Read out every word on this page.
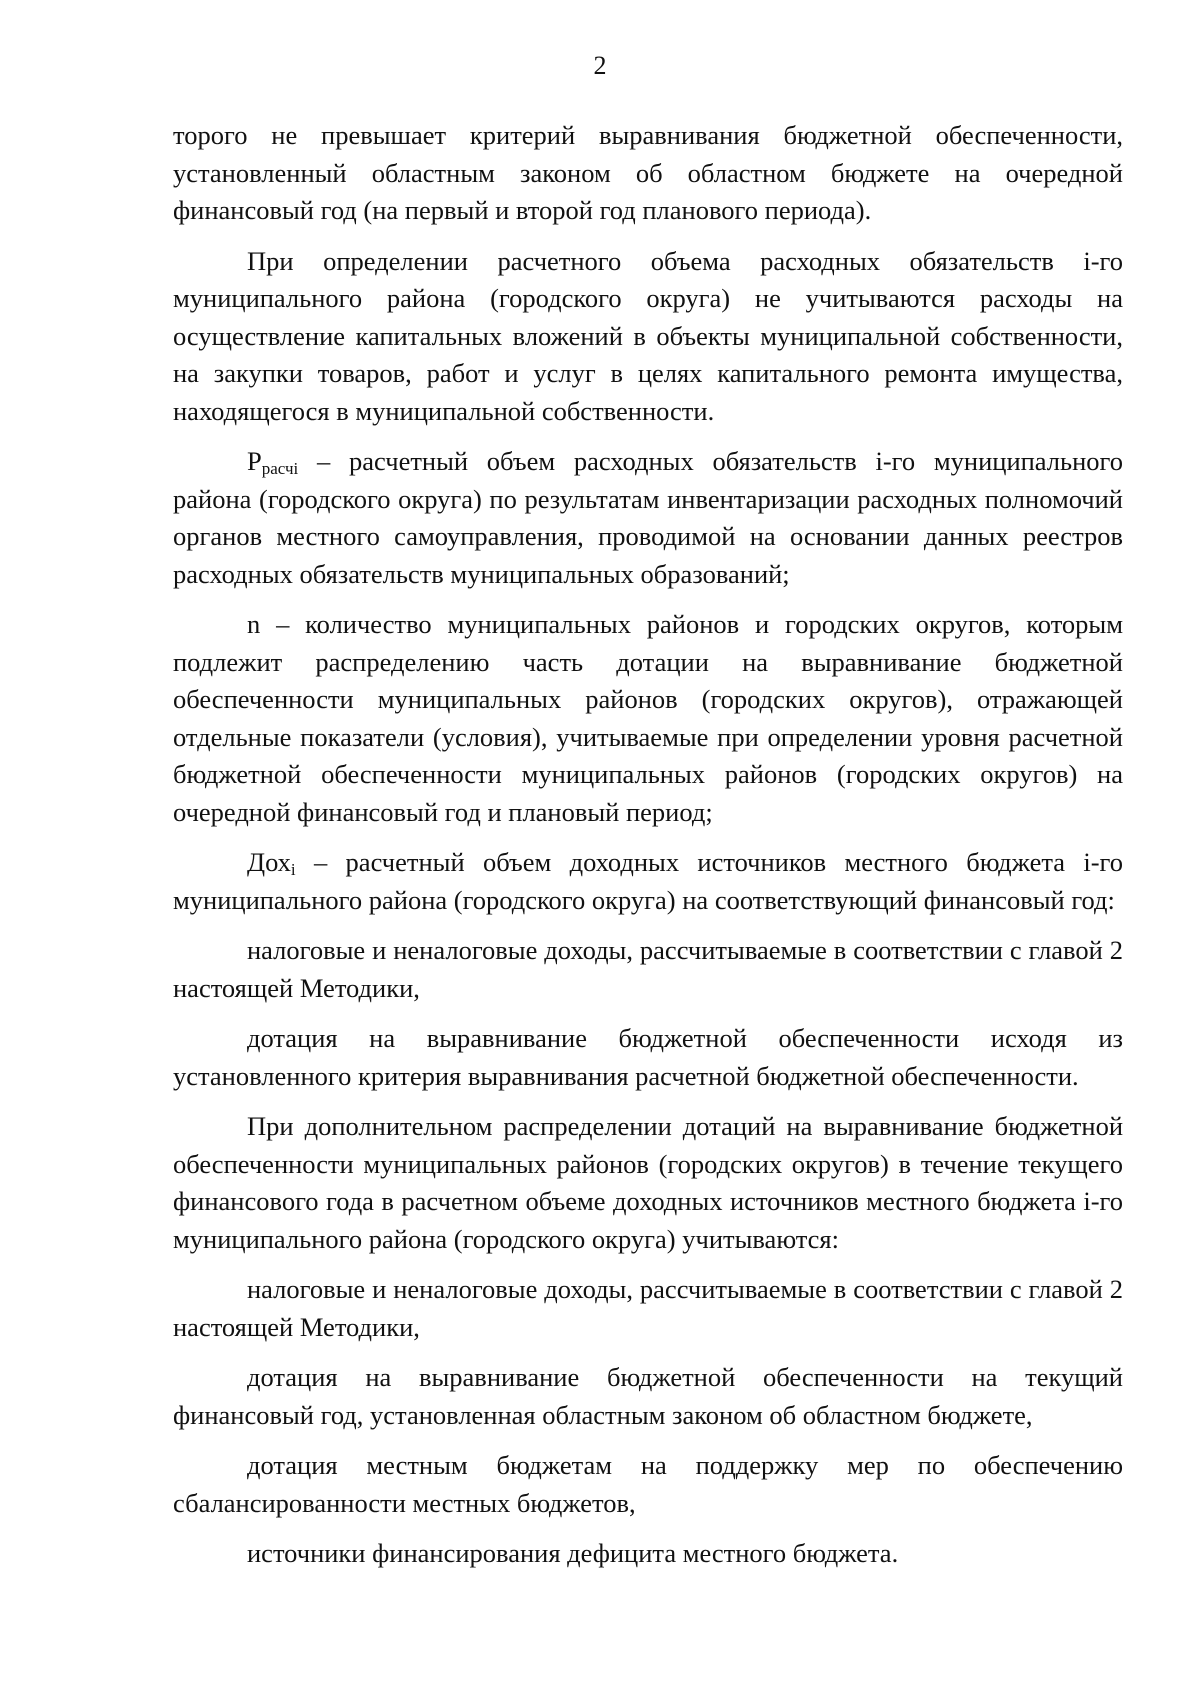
2

торого не превышает критерий выравнивания бюджетной обеспеченности, установленный областным законом об областном бюджете на очередной финансовый год (на первый и второй год планового периода).

При определении расчетного объема расходных обязательств i-го муниципального района (городского округа) не учитываются расходы на осуществление капитальных вложений в объекты муниципальной собственности, на закупки товаров, работ и услуг в целях капитального ремонта имущества, находящегося в муниципальной собственности.

$Р_{расчi}$ – расчетный объем расходных обязательств i-го муниципального района (городского округа) по результатам инвентаризации расходных полномочий органов местного самоуправления, проводимой на основании данных реестров расходных обязательств муниципальных образований;

n – количество муниципальных районов и городских округов, которым подлежит распределению часть дотации на выравнивание бюджетной обеспеченности муниципальных районов (городских округов), отражающей отдельные показатели (условия), учитываемые при определении уровня расчетной бюджетной обеспеченности муниципальных районов (городских округов) на очередной финансовый год и плановый период;

Дох$_i$ – расчетный объем доходных источников местного бюджета i-го муниципального района (городского округа) на соответствующий финансовый год:

налоговые и неналоговые доходы, рассчитываемые в соответствии с главой 2 настоящей Методики,

дотация на выравнивание бюджетной обеспеченности исходя из установленного критерия выравнивания расчетной бюджетной обеспеченности.

При дополнительном распределении дотаций на выравнивание бюджетной обеспеченности муниципальных районов (городских округов) в течение текущего финансового года в расчетном объеме доходных источников местного бюджета i-го муниципального района (городского округа) учитываются:

налоговые и неналоговые доходы, рассчитываемые в соответствии с главой 2 настоящей Методики,

дотация на выравнивание бюджетной обеспеченности на текущий финансовый год, установленная областным законом об областном бюджете,

дотация местным бюджетам на поддержку мер по обеспечению сбалансированности местных бюджетов,

источники финансирования дефицита местного бюджета.
